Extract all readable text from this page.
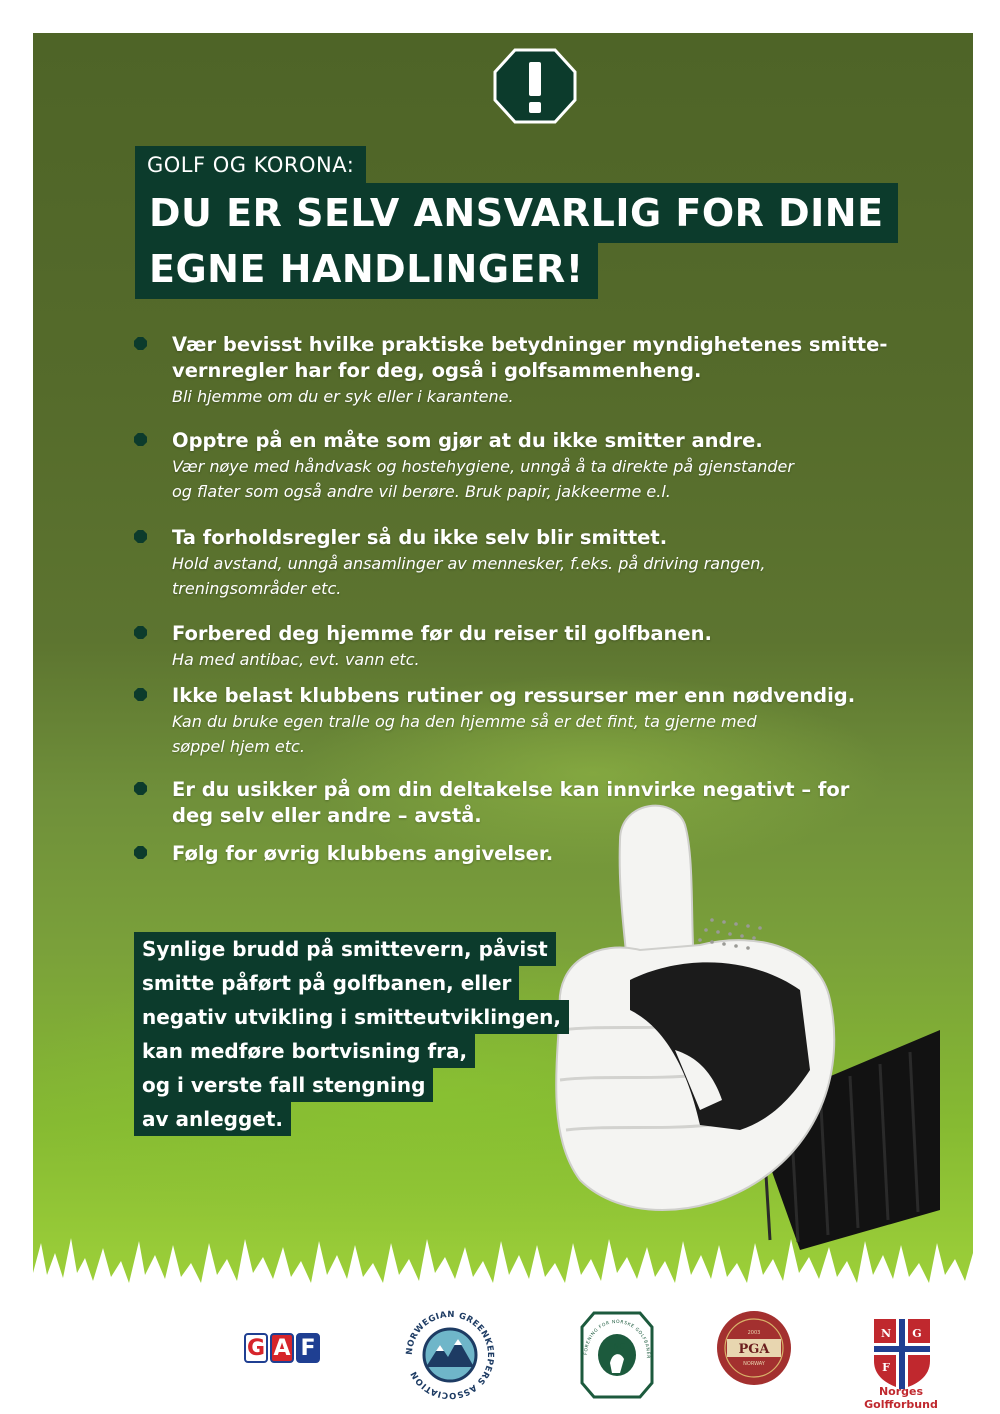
GOLF OG KORONA:
DU ER SELV ANSVARLIG FOR DINE
EGNE HANDLINGER!
Vær bevisst hvilke praktiske betydninger myndighetenes smitte-
vernregler har for deg, også i golfsammenheng.
Bli hjemme om du er syk eller i karantene.
Opptre på en måte som gjør at du ikke smitter andre.
Vær nøye med håndvask og hostehygiene, unngå å ta direkte på gjenstander
og flater som også andre vil berøre. Bruk papir, jakkeerme e.l.
Ta forholdsregler så du ikke selv blir smittet.
Hold avstand, unngå ansamlinger av mennesker, f.eks. på driving rangen,
treningsområder etc.
Forbered deg hjemme før du reiser til golfbanen.
Ha med antibac, evt. vann etc.
Ikke belast klubbens rutiner og ressurser mer enn nødvendig.
Kan du bruke egen tralle og ha den hjemme så er det fint, ta gjerne med
søppel hjem etc.
Er du usikker på om din deltakelse kan innvirke negativt – for
deg selv eller andre – avstå.
Følg for øvrig klubbens angivelser.
Synlige brudd på smittevern, påvist
smitte påført på golfbanen, eller
negativ utvikling i smitteutviklingen,
kan medføre bortvisning fra,
og i verste fall stengning
av anlegget.
G A F	NORWEGIAN GREENKEEPERS ASSOCIATION
FNG
FORENING FOR NORSKE GOLFBANER
PGA
2003
NORWAY
N G
F
Norges
Golfforbund
